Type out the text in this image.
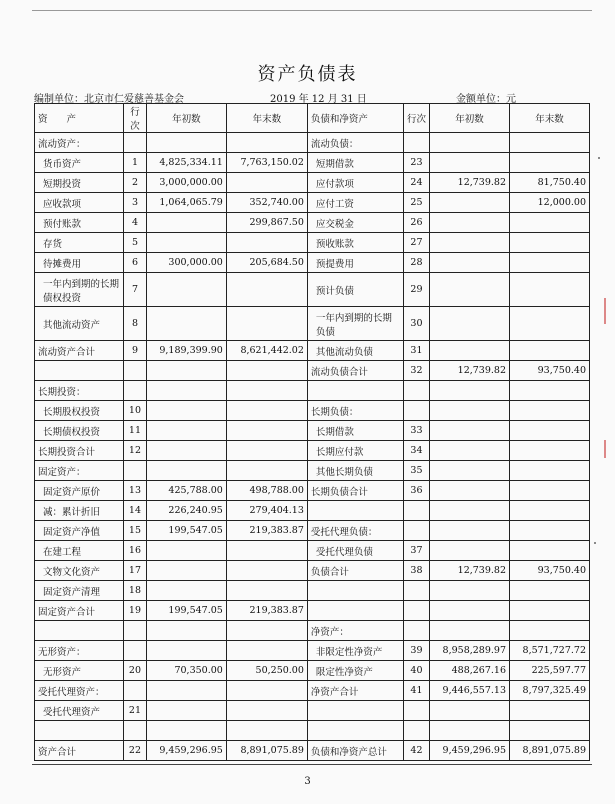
资产负债表
编制单位：北京市仁爱慈善基金会	2019 年 12 月 31 日	金额单位：元
资　　产	行次	年初数	年末数	负债和净资产	行次	年初数	年末数
流动资产：				流动负债：			
货币资产	1	4,825,334.11	7,763,150.02	短期借款	23		
短期投资	2	3,000,000.00		应付款项	24	12,739.82	81,750.40
应收款项	3	1,064,065.79	352,740.00	应付工资	25		12,000.00
预付账款	4		299,867.50	应交税金	26		
存货	5			预收账款	27		
待摊费用	6	300,000.00	205,684.50	预提费用	28		
一年内到期的长期债权投资	7			预计负债	29		
其他流动资产	8			一年内到期的长期负债	30		
流动资产合计	9	9,189,399.90	8,621,442.02	其他流动负债	31		
				流动负债合计	32	12,739.82	93,750.40
长期投资：							
长期股权投资	10			长期负债：			
长期债权投资	11			长期借款	33		
长期投资合计	12			长期应付款	34		
固定资产：				其他长期负债	35		
固定资产原价	13	425,788.00	498,788.00	长期负债合计	36		
减：累计折旧	14	226,240.95	279,404.13				
固定资产净值	15	199,547.05	219,383.87	受托代理负债：			
在建工程	16			受托代理负债	37		
文物文化资产	17			负债合计	38	12,739.82	93,750.40
固定资产清理	18						
固定资产合计	19	199,547.05	219,383.87				
				净资产：			
无形资产：				非限定性净资产	39	8,958,289.97	8,571,727.72
无形资产	20	70,350.00	50,250.00	限定性净资产	40	488,267.16	225,597.77
受托代理资产：				净资产合计	41	9,446,557.13	8,797,325.49
受托代理资产	21						

资产合计	22	9,459,296.95	8,891,075.89	负债和净资产总计	42	9,459,296.95	8,891,075.89
3
